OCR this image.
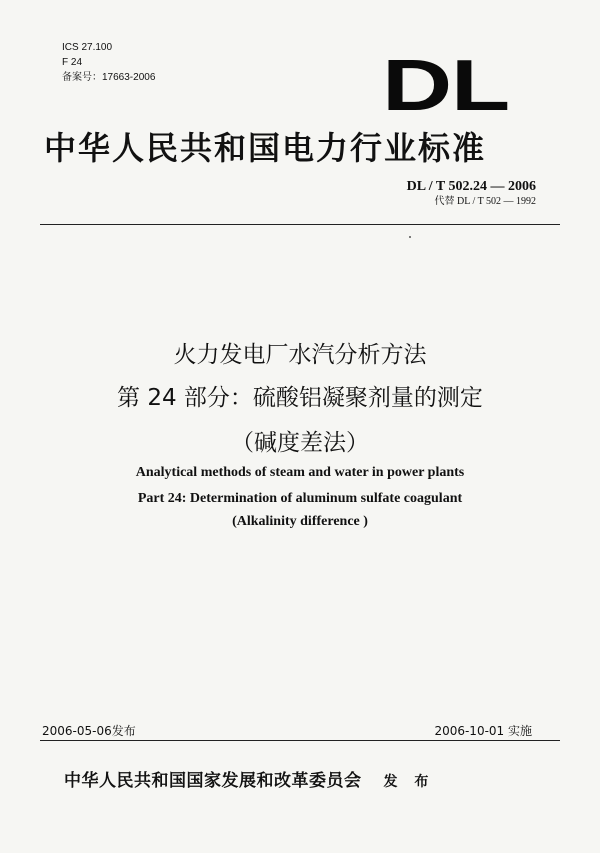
ICS 27.100
F 24
备案号：17663-2006	DL
中华人民共和国电力行业标准
DL / T 502.24 — 2006
代替 DL / T 502 — 1992
火力发电厂水汽分析方法
第 24 部分：硫酸铝凝聚剂量的测定
（碱度差法）
Analytical methods of steam and water in power plants
Part 24: Determination of aluminum sulfate coagulant
(Alkalinity difference )
2006-05-06发布	2006-10-01 实施
中华人民共和国国家发展和改革委员会 发 布
